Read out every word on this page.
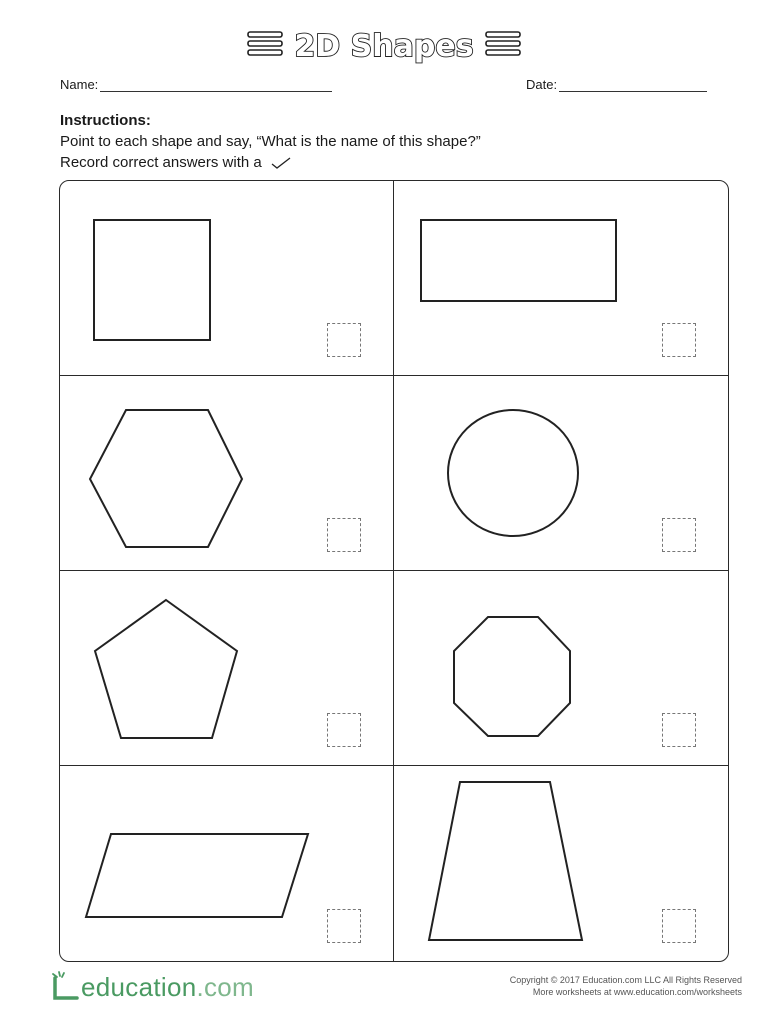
2D Shapes
Name:	Date:
Instructions:
Point to each shape and say, “What is the name of this shape?”
Record correct answers with a
education.com	Copyright © 2017 Education.com LLC All Rights Reserved
More worksheets at www.education.com/worksheets
